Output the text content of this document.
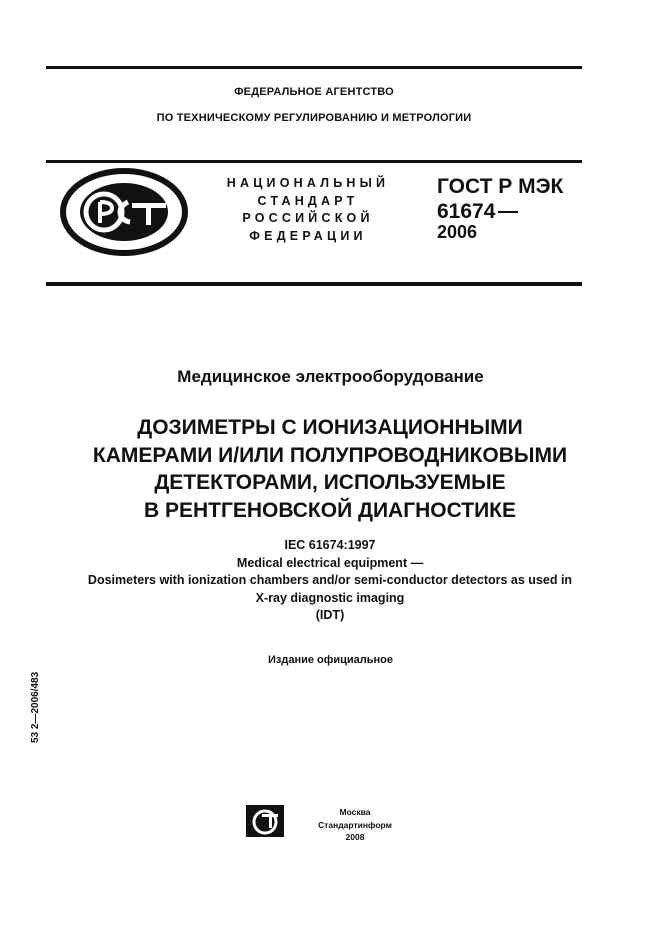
ФЕДЕРАЛЬНОЕ АГЕНТСТВО
ПО ТЕХНИЧЕСКОМУ РЕГУЛИРОВАНИЮ И МЕТРОЛОГИИ
НАЦИОНАЛЬНЫЙ
СТАНДАРТ
РОССИЙСКОЙ
ФЕДЕРАЦИИ
ГОСТ Р МЭК
61674
2006
Медицинское электрооборудование
ДОЗИМЕТРЫ С ИОНИЗАЦИОННЫМИ
КАМЕРАМИ И/ИЛИ ПОЛУПРОВОДНИКОВЫМИ
ДЕТЕКТОРАМИ, ИСПОЛЬЗУЕМЫЕ
В РЕНТГЕНОВСКОЙ ДИАГНОСТИКЕ
IEC 61674:1997
Medical electrical equipment —
Dosimeters with ionization chambers and/or semi-conductor detectors as used in
X-ray diagnostic imaging
(IDT)
Издание официальное
53 2—2006/483
Москва
Стандартинформ
2008
